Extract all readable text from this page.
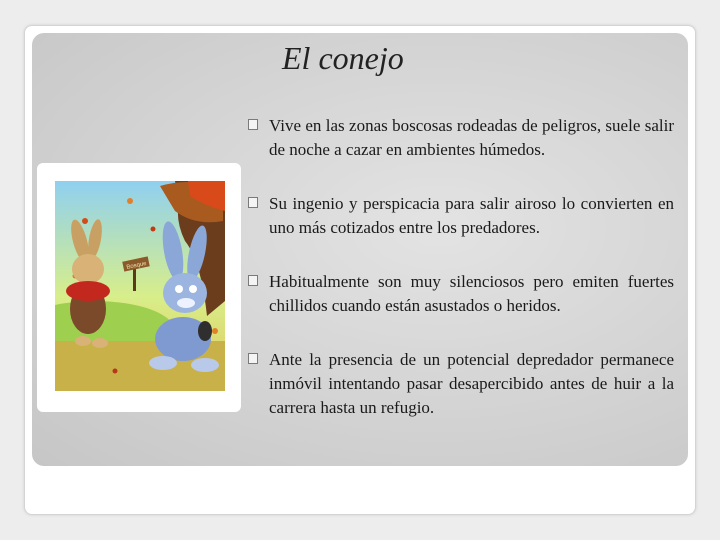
El conejo
Bosque
Vive en las zonas boscosas rodeadas de peligros, suele salir de noche a cazar en ambientes húmedos.
Su ingenio y perspicacia para salir airoso lo convierten en uno más cotizados entre los predadores.
Habitualmente son muy silenciosos pero emiten fuertes chillidos cuando están asustados o heridos.
Ante la presencia de un potencial depredador permanece inmóvil intentando pasar desapercibido antes de huir a la carrera hasta un refugio.
